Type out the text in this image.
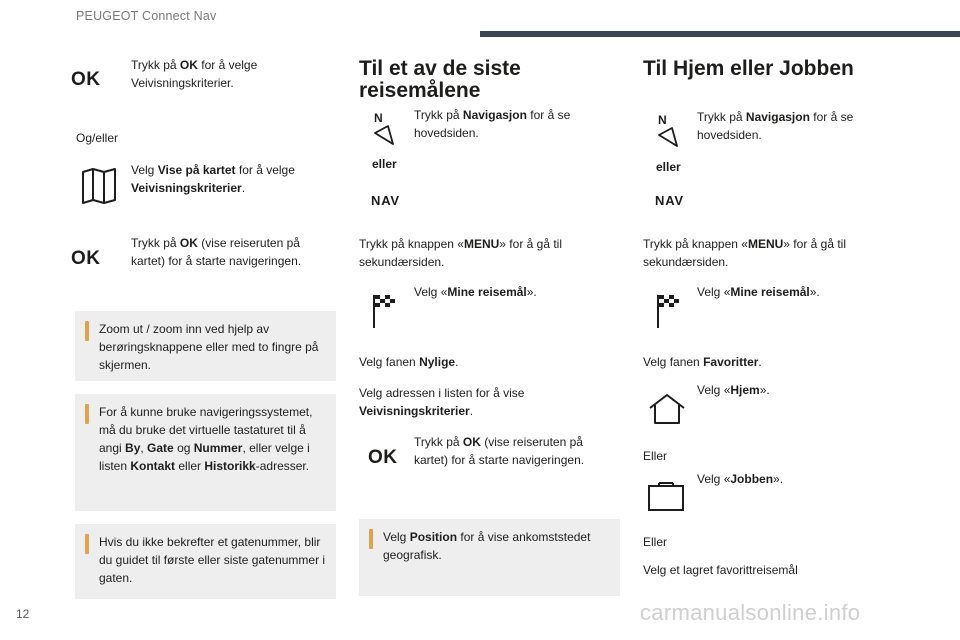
PEUGEOT Connect Nav
OK
Trykk på OK for å velge Veivisningskriterier.
Og/eller
Velg Vise på kartet for å velge Veivisningskriterier.
OK
Trykk på OK (vise reiseruten på kartet) for å starte navigeringen.
Zoom ut / zoom inn ved hjelp av berøringsknappene eller med to fingre på skjermen.
For å kunne bruke navigeringssystemet, må du bruke det virtuelle tastaturet til å angi By, Gate og Nummer, eller velge i listen Kontakt eller Historikk-adresser.
Hvis du ikke bekrefter et gatenummer, blir du guidet til første eller siste gatenummer i gaten.
Til et av de siste reisemålene
N
eller
NAV
Trykk på Navigasjon for å se hovedsiden.
Trykk på knappen «MENU» for å gå til sekundærsiden.
Velg «Mine reisemål».
Velg fanen Nylige.
Velg adressen i listen for å vise Veivisningskriterier.
OK
Trykk på OK (vise reiseruten på kartet) for å starte navigeringen.
Velg Position for å vise ankomststedet geografisk.
Til Hjem eller Jobben
N
eller
NAV
Trykk på Navigasjon for å se hovedsiden.
Trykk på knappen «MENU» for å gå til sekundærsiden.
Velg «Mine reisemål».
Velg fanen Favoritter.
Velg «Hjem».
Eller
Velg «Jobben».
Eller
Velg et lagret favorittreisemål
12	carmanualsonline.info
